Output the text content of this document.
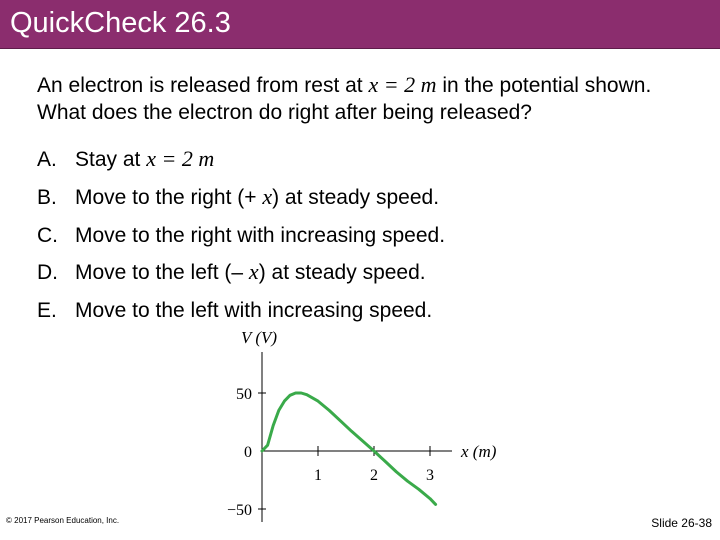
QuickCheck 26.3
An electron is released from rest at x = 2 m in the potential shown. What does the electron do right after being released?
A. Stay at x = 2 m
B. Move to the right (+ x) at steady speed.
C. Move to the right with increasing speed.
D. Move to the left (– x) at steady speed.
E. Move to the left with increasing speed.
V (V)
x (m)
1	2	3
50
0
−50
© 2017 Pearson Education, Inc.	Slide 26-38
